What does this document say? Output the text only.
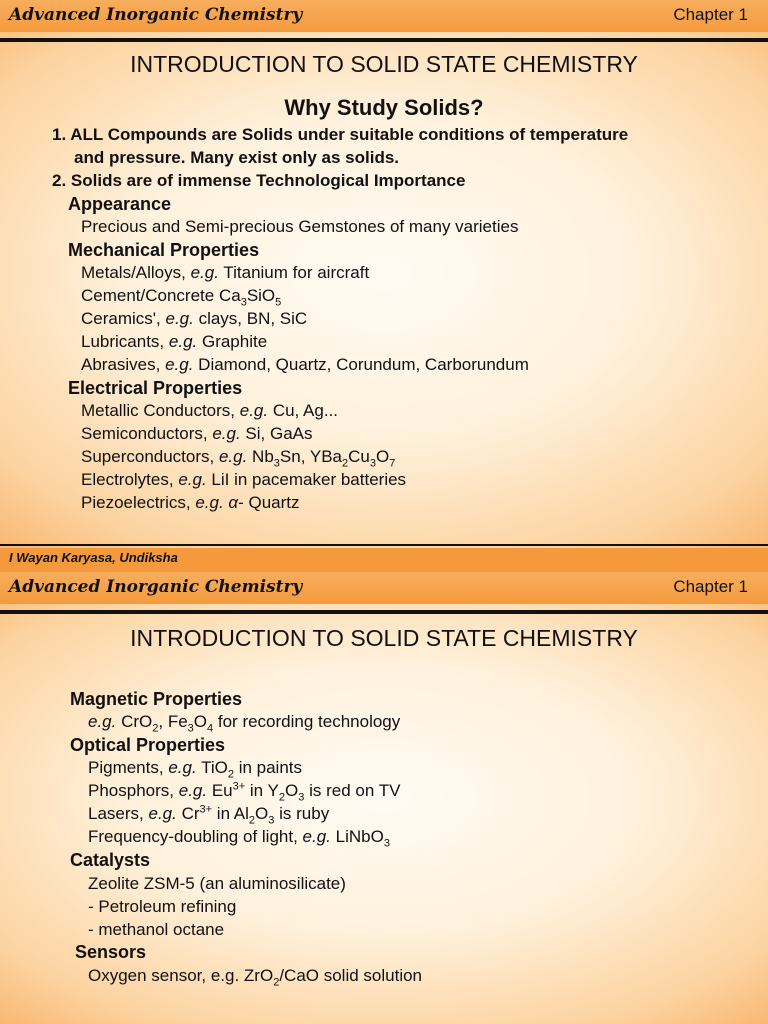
Advanced Inorganic Chemistry	Chapter 1
INTRODUCTION TO SOLID STATE CHEMISTRY
Why Study Solids?
1. ALL Compounds are Solids under suitable conditions of temperature
and pressure. Many exist only as solids.
2. Solids are of immense Technological Importance
Appearance
Precious and Semi-precious Gemstones of many varieties
Mechanical Properties
Metals/Alloys, e.g. Titanium for aircraft
Cement/Concrete $Ca_3SiO_5$
Ceramics', e.g. clays, BN, SiC
Lubricants, e.g. Graphite
Abrasives, e.g. Diamond, Quartz, Corundum, Carborundum
Electrical Properties
Metallic Conductors, e.g. Cu, Ag...
Semiconductors, e.g. Si, GaAs
Superconductors, e.g. $Nb_3Sn$, $YBa_2Cu_3O_7$
Electrolytes, e.g. LiI in pacemaker batteries
Piezoelectrics, e.g. α- Quartz
I Wayan Karyasa, Undiksha
Advanced Inorganic Chemistry	Chapter 1
INTRODUCTION TO SOLID STATE CHEMISTRY
Magnetic Properties
e.g. CrO$_2$, $Fe_3O_4$ for recording technology
Optical Properties
Pigments, e.g. TiO$_2$ in paints
Phosphors, e.g. $Eu^{3+}$ in $Y_2O_3$ is red on TV
Lasers, e.g. $Cr^{3+}$ in $Al_2O_3$ is ruby
Frequency-doubling of light, e.g. LiNbO$_3$
Catalysts
Zeolite ZSM-5 (an aluminosilicate)
- Petroleum refining
- methanol octane
Sensors
Oxygen sensor, e.g. ZrO$_2$/CaO solid solution
